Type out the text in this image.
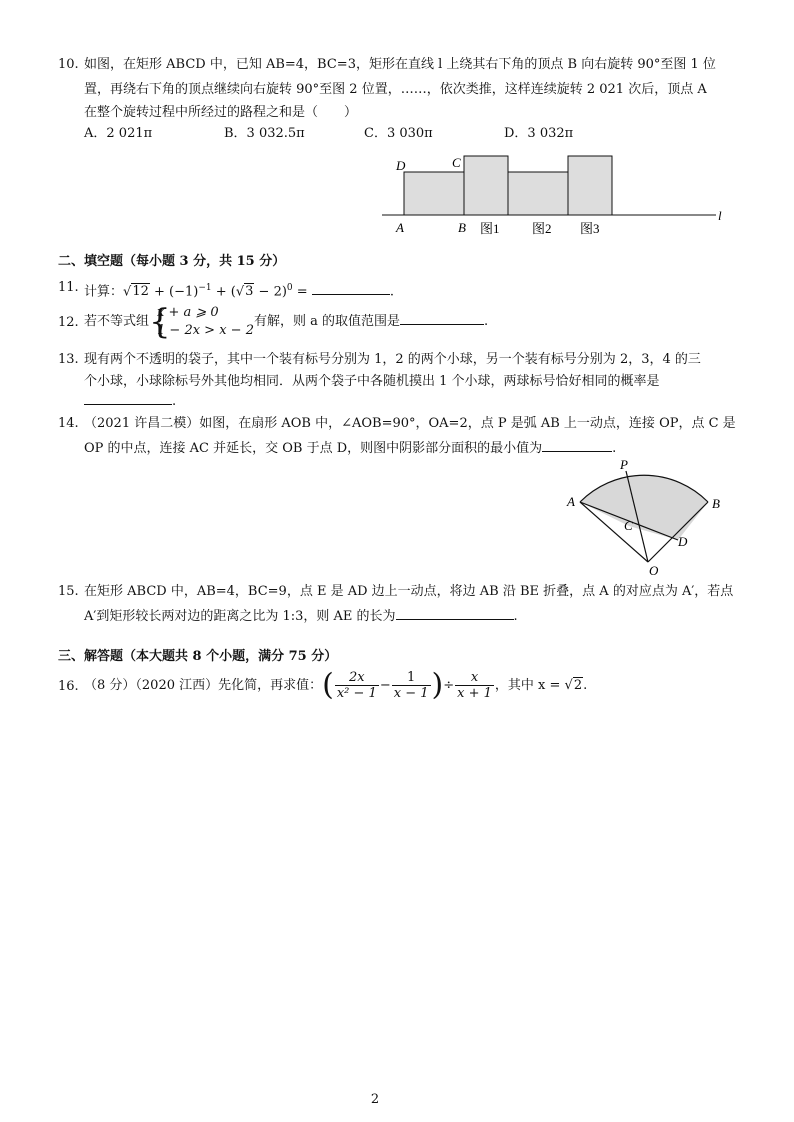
10. 如图，在矩形 ABCD 中，已知 AB=4，BC=3，矩形在直线 l 上绕其右下角的顶点 B 向右旋转 90°至图 1 位
置，再绕右下角的顶点继续向右旋转 90°至图 2 位置，……，依次类推，这样连续旋转 2 021 次后，顶点 A
在整个旋转过程中所经过的路程之和是（　　）
A．2 021π	B．3 032.5π	C．3 030π	D．3 032π
D	C
A	B 图1 图2 图3
l
二、填空题（每小题 3 分，共 15 分）
11. 计算：$√12 + (-1)^{-1} + (√3 - 2)^0$ =	.
12. 若不等式组 {
x + a ⩾ 0
1 − 2x > x − 2
有解，则 a 的取值范围是	.
13. 现有两个不透明的袋子，其中一个装有标号分别为 1，2 的两个小球，另一个装有标号分别为 2，3，4 的三
个小球，小球除标号外其他均相同．从两个袋子中各随机摸出 1 个小球，两球标号恰好相同的概率是
.
14. （2021 许昌二模）如图，在扇形 AOB 中，∠AOB=90°，OA=2，点 P 是弧 AB 上一动点，连接 OP，点 C 是
OP 的中点，连接 AC 并延长，交 OB 于点 D，则图中阴影部分面积的最小值为	.
P
A	B
C
D
O
15. 在矩形 ABCD 中，AB=4，BC=9，点 E 是 AD 边上一动点，将边 AB 沿 BE 折叠，点 A 的对应点为 A′，若点
A′到矩形较长两对边的距离之比为 1:3，则 AE 的长为	.
三、解答题（本大题共 8 个小题，满分 75 分）
16. （8 分）（2020 江西）先化简，再求值：( $\frac{2x}{\text{x² − 1}} - \frac{1}{x - 1}$ )÷ $\frac{x}{x + 1}$ ，其中 x = √2.
2
